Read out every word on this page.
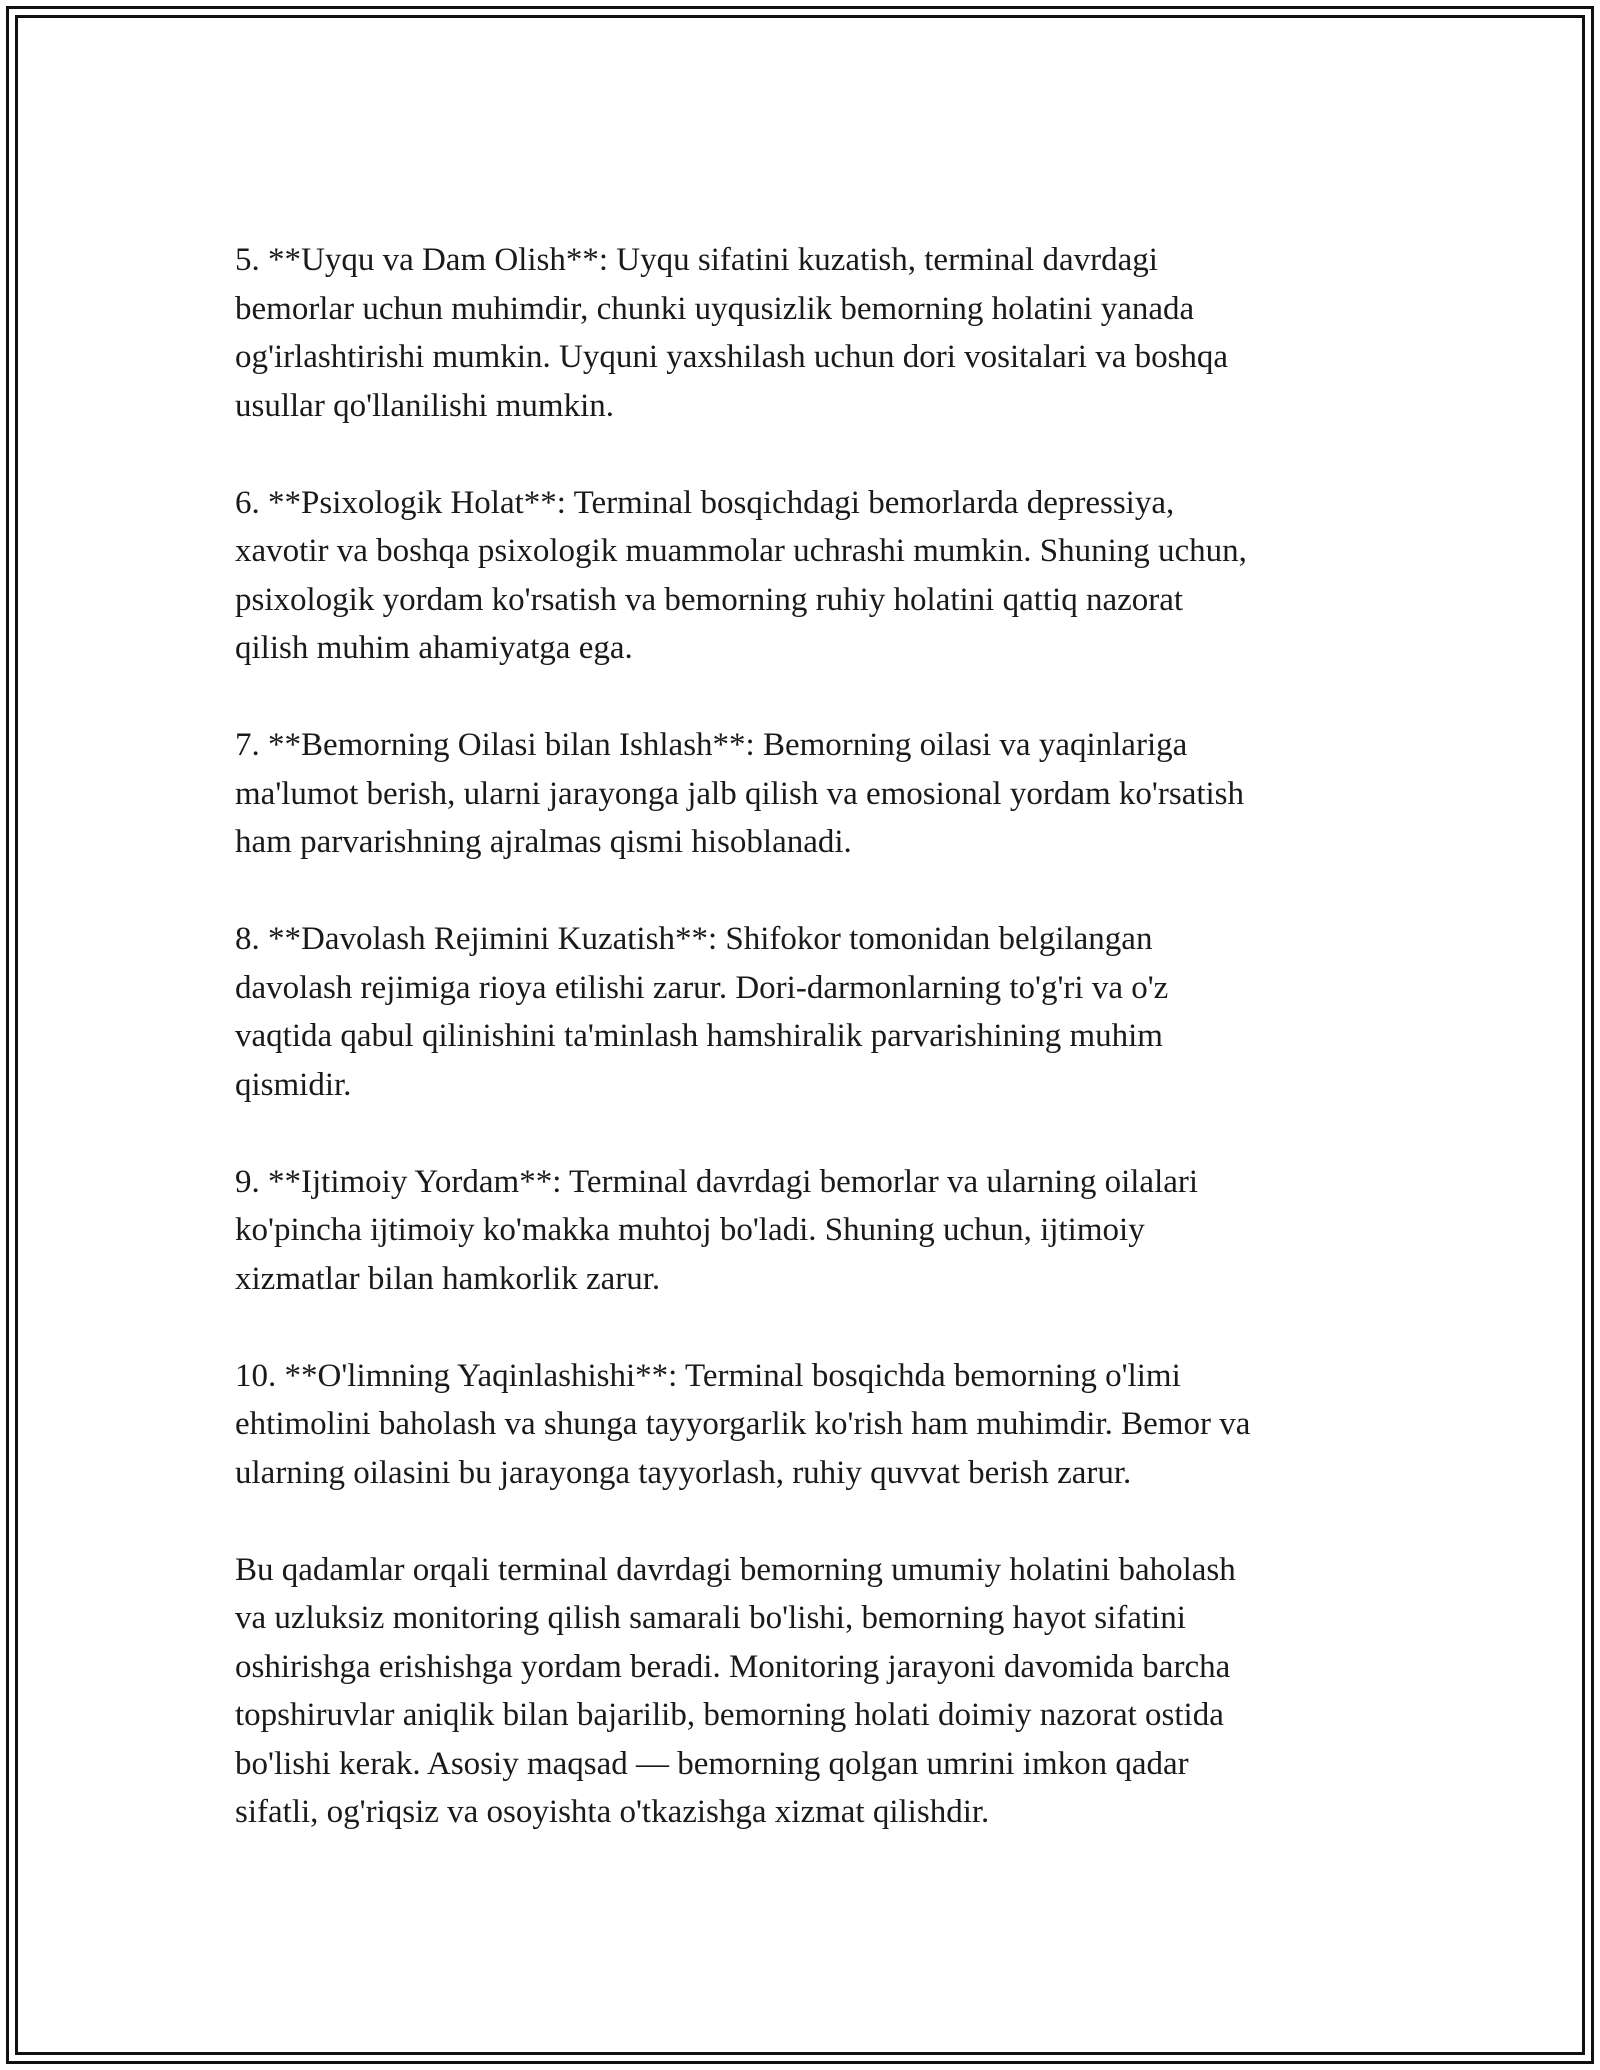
5. **Uyqu va Dam Olish**: Uyqu sifatini kuzatish, terminal davrdagi
bemorlar uchun muhimdir, chunki uyqusizlik bemorning holatini yanada
og'irlashtirishi mumkin. Uyquni yaxshilash uchun dori vositalari va boshqa
usullar qo'llanilishi mumkin.

6. **Psixologik Holat**: Terminal bosqichdagi bemorlarda depressiya,
xavotir va boshqa psixologik muammolar uchrashi mumkin. Shuning uchun,
psixologik yordam ko'rsatish va bemorning ruhiy holatini qattiq nazorat
qilish muhim ahamiyatga ega.

7. **Bemorning Oilasi bilan Ishlash**: Bemorning oilasi va yaqinlariga
ma'lumot berish, ularni jarayonga jalb qilish va emosional yordam ko'rsatish
ham parvarishning ajralmas qismi hisoblanadi.

8. **Davolash Rejimini Kuzatish**: Shifokor tomonidan belgilangan
davolash rejimiga rioya etilishi zarur. Dori-darmonlarning to'g'ri va o'z
vaqtida qabul qilinishini ta'minlash hamshiralik parvarishining muhim
qismidir.

9. **Ijtimoiy Yordam**: Terminal davrdagi bemorlar va ularning oilalari
ko'pincha ijtimoiy ko'makka muhtoj bo'ladi. Shuning uchun, ijtimoiy
xizmatlar bilan hamkorlik zarur.

10. **O'limning Yaqinlashishi**: Terminal bosqichda bemorning o'limi
ehtimolini baholash va shunga tayyorgarlik ko'rish ham muhimdir. Bemor va
ularning oilasini bu jarayonga tayyorlash, ruhiy quvvat berish zarur.

Bu qadamlar orqali terminal davrdagi bemorning umumiy holatini baholash
va uzluksiz monitoring qilish samarali bo'lishi, bemorning hayot sifatini
oshirishga erishishga yordam beradi. Monitoring jarayoni davomida barcha
topshiruvlar aniqlik bilan bajarilib, bemorning holati doimiy nazorat ostida
bo'lishi kerak. Asosiy maqsad — bemorning qolgan umrini imkon qadar
sifatli, og'riqsiz va osoyishta o'tkazishga xizmat qilishdir.
